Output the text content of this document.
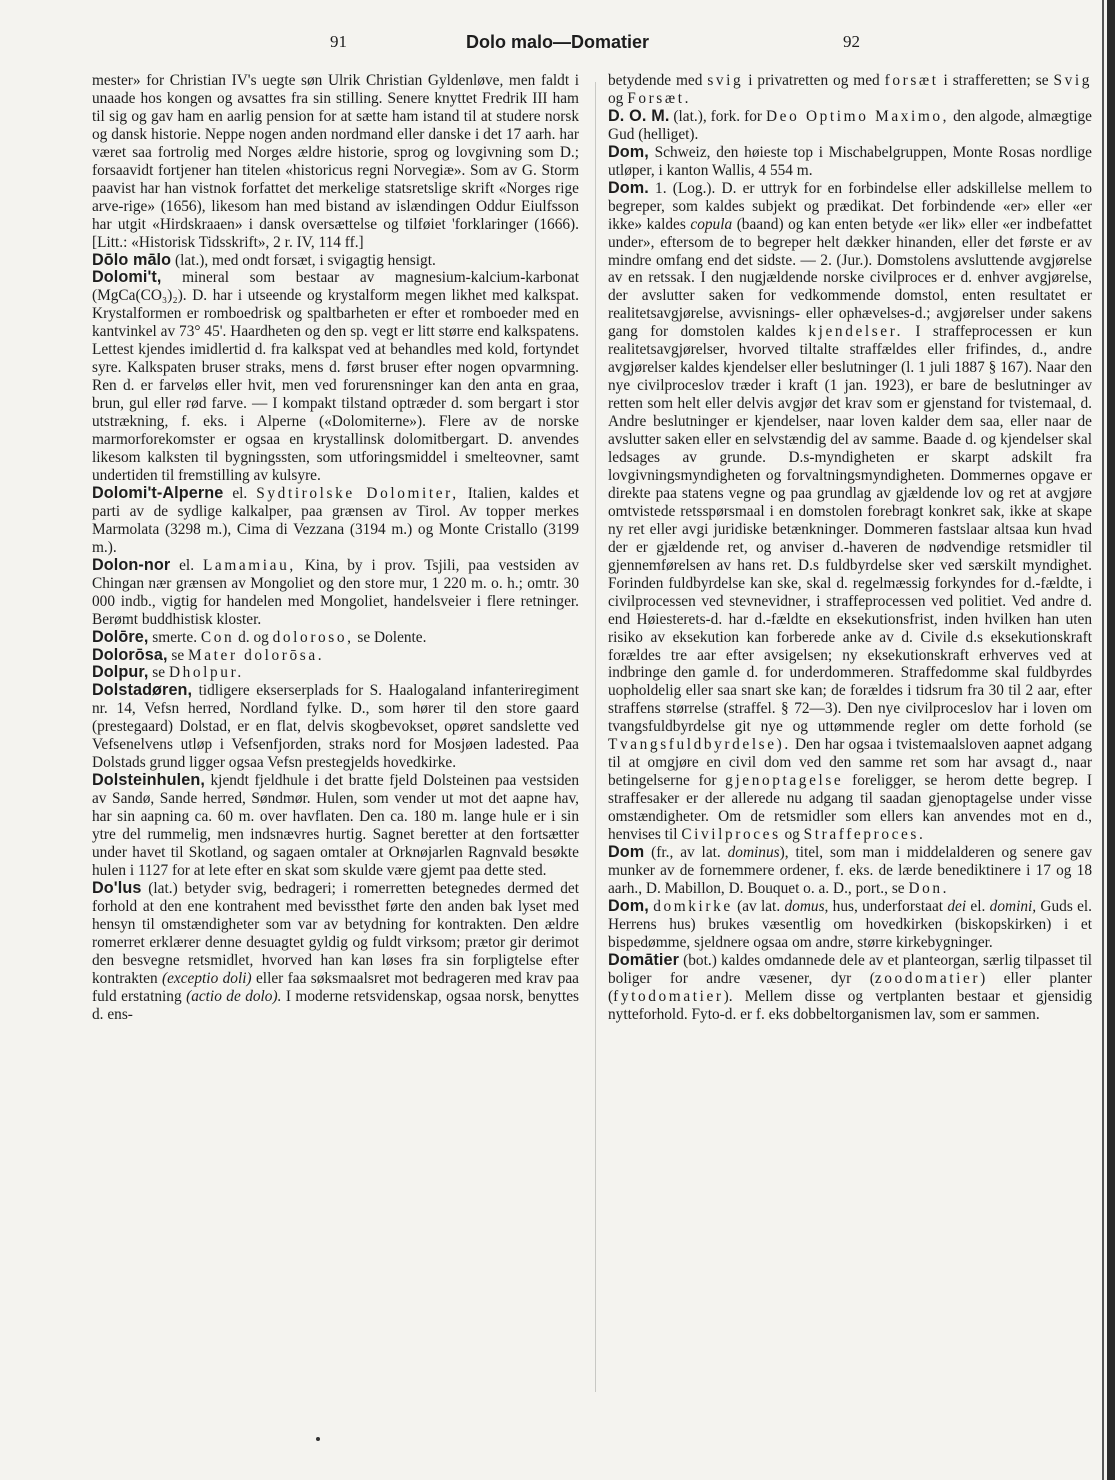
91	Dolo malo—Domatier	92

mester» for Christian IV's uegte søn Ulrik Christian Gyldenløve, men faldt i unaade hos kongen og avsattes fra sin stilling. Senere knyttet Fredrik III ham til sig og gav ham en aarlig pension for at sætte ham istand til at studere norsk og dansk historie. Neppe nogen anden nordmand eller danske i det 17 aarh. har været saa fortrolig med Norges ældre historie, sprog og lovgivning som D.; forsaavidt fortjener han titelen «historicus regni Norvegiæ». Som av G. Storm paavist har han vistnok forfattet det merkelige statsretslige skrift «Norges rige arve-rige» (1656), likesom han med bistand av islændingen Oddur Eiulfsson har utgit «Hirdskraaen» i dansk oversættelse og tilføiet 'forklaringer (1666). [Litt.: «Historisk Tidsskrift», 2 r. IV, 114 ff.]

Dōlo mālo (lat.), med ondt forsæt, i svigagtig hensigt.

Dolomi't, mineral som bestaar av magnesium-kalcium-karbonat (MgCa(CO₃)₂). D. har i utseende og krystalform megen likhet med kalkspat. Krystalformen er romboedrisk og spaltbarheten er efter et romboeder med en kantvinkel av 73° 45'. Haardheten og den sp. vegt er litt større end kalkspatens. Lettest kjendes imidlertid d. fra kalkspat ved at behandles med kold, fortyndet syre. Kalkspaten bruser straks, mens d. først bruser efter nogen opvarmning. Ren d. er farveløs eller hvit, men ved forurensninger kan den anta en graa, brun, gul eller rød farve. — I kompakt tilstand optræder d. som bergart i stor utstrækning, f. eks. i Alperne («Dolomiterne»). Flere av de norske marmorforekomster er ogsaa en krystallinsk dolomitbergart. D. anvendes likesom kalksten til bygningssten, som utforingsmiddel i smelteovner, samt undertiden til fremstilling av kulsyre.

Dolomi't-Alperne el. Sydtirolske Dolomiter, Italien, kaldes et parti av de sydlige kalkalper, paa grænsen av Tirol. Av topper merkes Marmolata (3298 m.), Cima di Vezzana (3194 m.) og Monte Cristallo (3199 m.).

Dolon-nor el. Lamamiau, Kina, by i prov. Tsjili, paa vestsiden av Chingan nær grænsen av Mongoliet og den store mur, 1 220 m. o. h.; omtr. 30 000 indb., vigtig for handelen med Mongoliet, handelsveier i flere retninger. Berømt buddhistisk kloster.

Dolōre, smerte. Con d. og doloroso, se Dolente.

Dolorōsa, se Mater dolorōsa.

Dolpur, se Dholpur.

Dolstadøren, tidligere ekserserplads for S. Haalogaland infanteriregiment nr. 14, Vefsn herred, Nordland fylke. D., som hører til den store gaard (prestegaard) Dolstad, er en flat, delvis skogbevokset, opøret sandslette ved Vefsenelvens utløp i Vefsenfjorden, straks nord for Mosjøen ladested. Paa Dolstads grund ligger ogsaa Vefsn prestegjelds hovedkirke.

Dolsteinhulen, kjendt fjeldhule i det bratte fjeld Dolsteinen paa vestsiden av Sandø, Sande herred, Søndmør. Hulen, som vender ut mot det aapne hav, har sin aapning ca. 60 m. over havflaten. Den ca. 180 m. lange hule er i sin ytre del rummelig, men indsnævres hurtig. Sagnet beretter at den fortsætter under havet til Skotland, og sagaen omtaler at Orknøjarlen Ragnvald besøkte hulen i 1127 for at lete efter en skat som skulde være gjemt paa dette sted.

Do'lus (lat.) betyder svig, bedrageri; i romerretten betegnedes dermed det forhold at den ene kontrahent med bevissthet førte den anden bak lyset med hensyn til omstændigheter som var av betydning for kontrakten. Den ældre romerret erklærer denne desuagtet gyldig og fuldt virksom; prætor gir derimot den besvegne retsmidlet, hvorved han kan løses fra sin forpligtelse efter kontrakten (exceptio doli) eller faa søksmaalsret mot bedrageren med krav paa fuld erstatning (actio de dolo). I moderne retsvidenskap, ogsaa norsk, benyttes d. ens-

betydende med svig i privatretten og med forsæt i strafferetten; se Svig og Forsæt.

D. O. M. (lat.), fork. for Deo Optimo Maximo, den algode, almægtige Gud (helliget).

Dom, Schweiz, den høieste top i Mischabelgruppen, Monte Rosas nordlige utløper, i kanton Wallis, 4 554 m.

Dom. 1. (Log.). D. er uttryk for en forbindelse eller adskillelse mellem to begreper, som kaldes subjekt og prædikat. Det forbindende «er» eller «er ikke» kaldes copula (baand) og kan enten betyde «er lik» eller «er indbefattet under», eftersom de to begreper helt dækker hinanden, eller det første er av mindre omfang end det sidste. — 2. (Jur.). Domstolens avsluttende avgjørelse av en retssak. I den nugjældende norske civilproces er d. enhver avgjørelse, der avslutter saken for vedkommende domstol, enten resultatet er realitetsavgjørelse, avvisnings- eller ophævelses-d.; avgjørelser under sakens gang for domstolen kaldes kjendelser. I straffeprocessen er kun realitetsavgjørelser, hvorved tiltalte straffældes eller frifindes, d., andre avgjørelser kaldes kjendelser eller beslutninger (l. 1 juli 1887 § 167). Naar den nye civilproceslov træder i kraft (1 jan. 1923), er bare de beslutninger av retten som helt eller delvis avgjør det krav som er gjenstand for tvistemaal, d. Andre beslutninger er kjendelser, naar loven kalder dem saa, eller naar de avslutter saken eller en selvstændig del av samme. Baade d. og kjendelser skal ledsages av grunde. D.s-myndigheten er skarpt adskilt fra lovgivningsmyndigheten og forvaltningsmyndigheten. Dommernes opgave er direkte paa statens vegne og paa grundlag av gjældende lov og ret at avgjøre omtvistede retsspørsmaal i en domstolen forebragt konkret sak, ikke at skape ny ret eller avgi juridiske betænkninger. Dommeren fastslaar altsaa kun hvad der er gjældende ret, og anviser d.-haveren de nødvendige retsmidler til gjennemførelsen av hans ret. D.s fuldbyrdelse sker ved særskilt myndighet. Forinden fuldbyrdelse kan ske, skal d. regelmæssig forkyndes for d.-fældte, i civilprocessen ved stevnevidner, i straffeprocessen ved politiet. Ved andre d. end Høiesterets-d. har d.-fældte en eksekutionsfrist, inden hvilken han uten risiko av eksekution kan forberede anke av d. Civile d.s eksekutionskraft forældes tre aar efter avsigelsen; ny eksekutionskraft erhverves ved at indbringe den gamle d. for underdommeren. Straffedomme skal fuldbyrdes uopholdelig eller saa snart ske kan; de forældes i tidsrum fra 30 til 2 aar, efter straffens størrelse (straffel. § 72—3). Den nye civilproceslov har i loven om tvangsfuldbyrdelse git nye og uttømmende regler om dette forhold (se Tvangsfuldbyrdelse). Den har ogsaa i tvistemaalsloven aapnet adgang til at omgjøre en civil dom ved den samme ret som har avsagt d., naar betingelserne for gjenoptagelse foreligger, se herom dette begrep. I straffesaker er der allerede nu adgang til saadan gjenoptagelse under visse omstændigheter. Om de retsmidler som ellers kan anvendes mot en d., henvises til Civilproces og Straffeproces.

Dom (fr., av lat. dominus), titel, som man i middelalderen og senere gav munker av de fornemmere ordener, f. eks. de lærde benediktinere i 17 og 18 aarh., D. Mabillon, D. Bouquet o. a. D., port., se Don.

Dom, domkirke (av lat. domus, hus, underforstaat dei el. domini, Guds el. Herrens hus) brukes væsentlig om hovedkirken (biskopskirken) i et bispedømme, sjeldnere ogsaa om andre, større kirkebygninger.

Domātier (bot.) kaldes omdannede dele av et planteorgan, særlig tilpasset til boliger for andre væsener, dyr (zoodomatier) eller planter (fytodomatier). Mellem disse og vertplanten bestaar et gjensidig nytteforhold. Fyto-d. er f. eks dobbeltorganismen lav, som er sammen.
